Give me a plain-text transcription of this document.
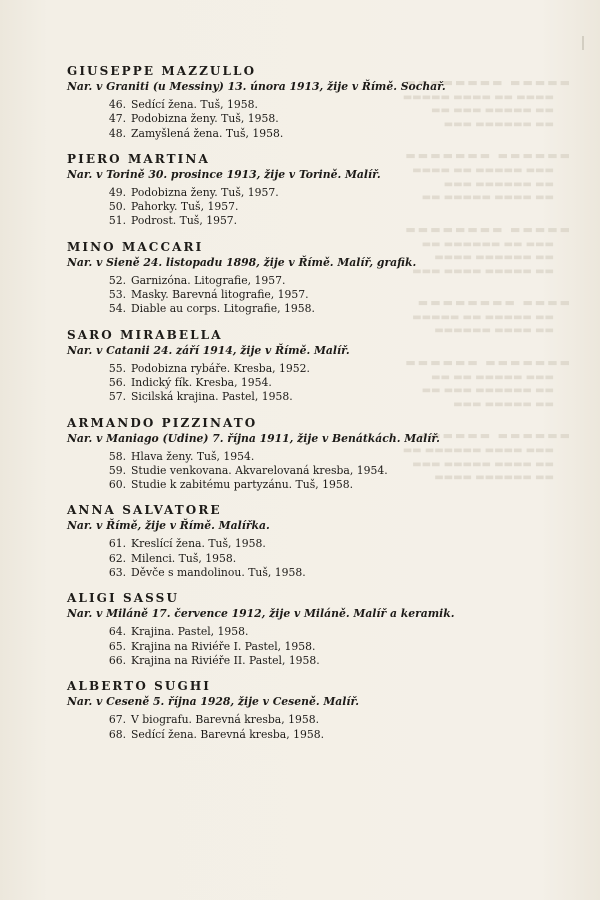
▬▬▬▬▬ ▬▬▬▬▬▬▬▬
▬▬▬▬ ▬▬ ▬▬▬▬ ▬▬▬▬▬
▬▬ ▬▬▬▬▬ ▬▬▬ ▬▬
▬▬ ▬▬▬▬▬▬ ▬▬▬
▬▬▬▬▬▬ ▬▬▬▬▬▬▬
▬▬▬ ▬▬▬▬▬ ▬▬ ▬▬▬▬
▬▬ ▬▬▬▬▬▬ ▬▬▬
▬▬ ▬▬▬▬ ▬▬▬▬▬ ▬▬
▬▬▬▬▬ ▬▬▬▬▬▬▬▬
▬▬▬ ▬▬ ▬▬▬▬▬▬ ▬▬
▬▬ ▬▬▬▬▬▬ ▬▬▬▬
▬▬ ▬▬▬▬▬ ▬▬▬▬ ▬▬▬
▬▬▬▬ ▬▬▬▬▬▬▬▬
▬▬ ▬▬▬▬▬ ▬▬ ▬▬▬▬▬
▬▬ ▬▬▬▬ ▬▬▬▬▬▬
▬▬▬▬▬▬▬ ▬▬▬▬▬▬
▬▬▬ ▬▬▬▬▬ ▬▬ ▬▬
▬▬ ▬▬▬▬▬▬ ▬▬▬ ▬▬
▬▬ ▬▬▬▬▬ ▬▬▬
▬▬▬▬▬▬ ▬▬▬▬▬▬
▬▬▬ ▬▬▬▬ ▬▬▬▬▬▬ ▬▬
▬▬ ▬▬▬▬ ▬▬▬▬▬ ▬▬▬
▬▬ ▬▬▬▬▬▬ ▬▬▬▬
GIUSEPPE MAZZULLO
Nar. v Graniti (u Messiny) 13. února 1913, žije v Římě. Sochař.
46. Sedící žena. Tuš, 1958.
47. Podobizna ženy. Tuš, 1958.
48. Zamyšlená žena. Tuš, 1958.
PIERO MARTINA
Nar. v Torině 30. prosince 1913, žije v Torině. Malíř.
49. Podobizna ženy. Tuš, 1957.
50. Pahorky. Tuš, 1957.
51. Podrost. Tuš, 1957.
MINO MACCARI
Nar. v Sieně 24. listopadu 1898, žije v Římě. Malíř, grafik.
52. Garnizóna. Litografie, 1957.
53. Masky. Barevná litografie, 1957.
54. Diable au corps. Litografie, 1958.
SARO MIRABELLA
Nar. v Catanii 24. září 1914, žije v Římě. Malíř.
55. Podobizna rybáře. Kresba, 1952.
56. Indický fík. Kresba, 1954.
57. Sicilská krajina. Pastel, 1958.
ARMANDO PIZZINATO
Nar. v Maniago (Udine) 7. října 1911, žije v Benátkách. Malíř.
58. Hlava ženy. Tuš, 1954.
59. Studie venkovana. Akvarelovaná kresba, 1954.
60. Studie k zabitému partyzánu. Tuš, 1958.
ANNA SALVATORE
Nar. v Římě, žije v Římě. Malířka.
61. Kreslící žena. Tuš, 1958.
62. Milenci. Tuš, 1958.
63. Děvče s mandolinou. Tuš, 1958.
ALIGI SASSU
Nar. v Miláně 17. července 1912, žije v Miláně. Malíř a keramik.
64. Krajina. Pastel, 1958.
65. Krajina na Riviéře I. Pastel, 1958.
66. Krajina na Riviéře II. Pastel, 1958.
ALBERTO SUGHI
Nar. v Ceseně 5. října 1928, žije v Ceseně. Malíř.
67. V biografu. Barevná kresba, 1958.
68. Sedící žena. Barevná kresba, 1958.
